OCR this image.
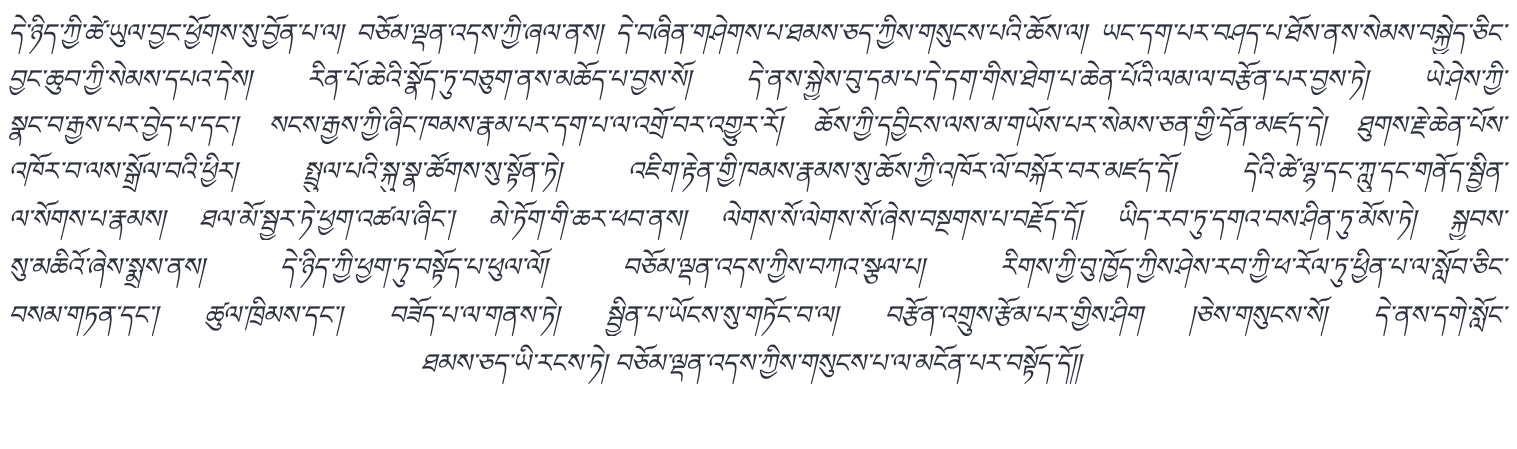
དེ་ཉིད་ཀྱི་ཚེ་ཡུལ་བྱང་ཕྱོགས་སུ་བྱོན་པ་ལ། བཅོམ་ལྡན་འདས་ཀྱི་ཞལ་ནས། དེ་བཞིན་གཤེགས་པ་ཐམས་ཅད་ཀྱིས་གསུངས་པའི་ཆོས་ལ། ཡང་དག་པར་བཤད་པ་ཐོས་ནས་སེམས་བསྐྱེད་ཅིང་
བྱང་ཆུབ་ཀྱི་སེམས་དཔའ་དེས། རིན་པོ་ཆེའི་སྣོད་ཏུ་བཅུག་ནས་མཆོད་པ་བྱས་སོ། དེ་ནས་སྐྱེས་བུ་དམ་པ་དེ་དག་གིས་ཐེག་པ་ཆེན་པོའི་ལམ་ལ་བརྩོན་པར་བྱས་ཏེ། ཡེ་ཤེས་ཀྱི་
སྣང་བ་རྒྱས་པར་བྱེད་པ་དང་། སངས་རྒྱས་ཀྱི་ཞིང་ཁམས་རྣམ་པར་དག་པ་ལ་འགྲོ་བར་འགྱུར་རོ། ཆོས་ཀྱི་དབྱིངས་ལས་མ་གཡོས་པར་སེམས་ཅན་གྱི་དོན་མཛད་དེ། ཐུགས་རྗེ་ཆེན་པོས་
འཁོར་བ་ལས་སྒྲོལ་བའི་ཕྱིར། སྤྲུལ་པའི་སྐུ་སྣ་ཚོགས་སུ་སྟོན་ཏེ། འཇིག་རྟེན་གྱི་ཁམས་རྣམས་སུ་ཆོས་ཀྱི་འཁོར་ལོ་བསྐོར་བར་མཛད་དོ། དེའི་ཚེ་ལྷ་དང་ཀླུ་དང་གནོད་སྦྱིན་
ལ་སོགས་པ་རྣམས། ཐལ་མོ་སྦྱར་ཏེ་ཕྱག་འཚལ་ཞིང་། མེ་ཏོག་གི་ཆར་ཕབ་ནས། ལེགས་སོ་ལེགས་སོ་ཞེས་བསྔགས་པ་བརྗོད་དོ། ཡིད་རབ་ཏུ་དགའ་བས་ཤིན་ཏུ་མོས་ཏེ། སྐྱབས་
སུ་མཆིའོ་ཞེས་སྨྲས་ནས། དེ་ཉིད་ཀྱི་ཕྱག་ཏུ་བསྟོད་པ་ཕུལ་ལོ། བཅོམ་ལྡན་འདས་ཀྱིས་བཀའ་སྩལ་པ། རིགས་ཀྱི་བུ་ཁྱོད་ཀྱིས་ཤེས་རབ་ཀྱི་ཕ་རོལ་ཏུ་ཕྱིན་པ་ལ་སློབ་ཅིང་
བསམ་གཏན་དང་། ཚུལ་ཁྲིམས་དང་། བཟོད་པ་ལ་གནས་ཏེ། སྦྱིན་པ་ཡོངས་སུ་གཏོང་བ་ལ། བརྩོན་འགྲུས་རྩོམ་པར་གྱིས་ཤིག །ཅེས་གསུངས་སོ། དེ་ནས་དགེ་སློང་
ཐམས་ཅད་ཡི་རངས་ཏེ། བཅོམ་ལྡན་འདས་ཀྱིས་གསུངས་པ་ལ་མངོན་པར་བསྟོད་དོ།།
